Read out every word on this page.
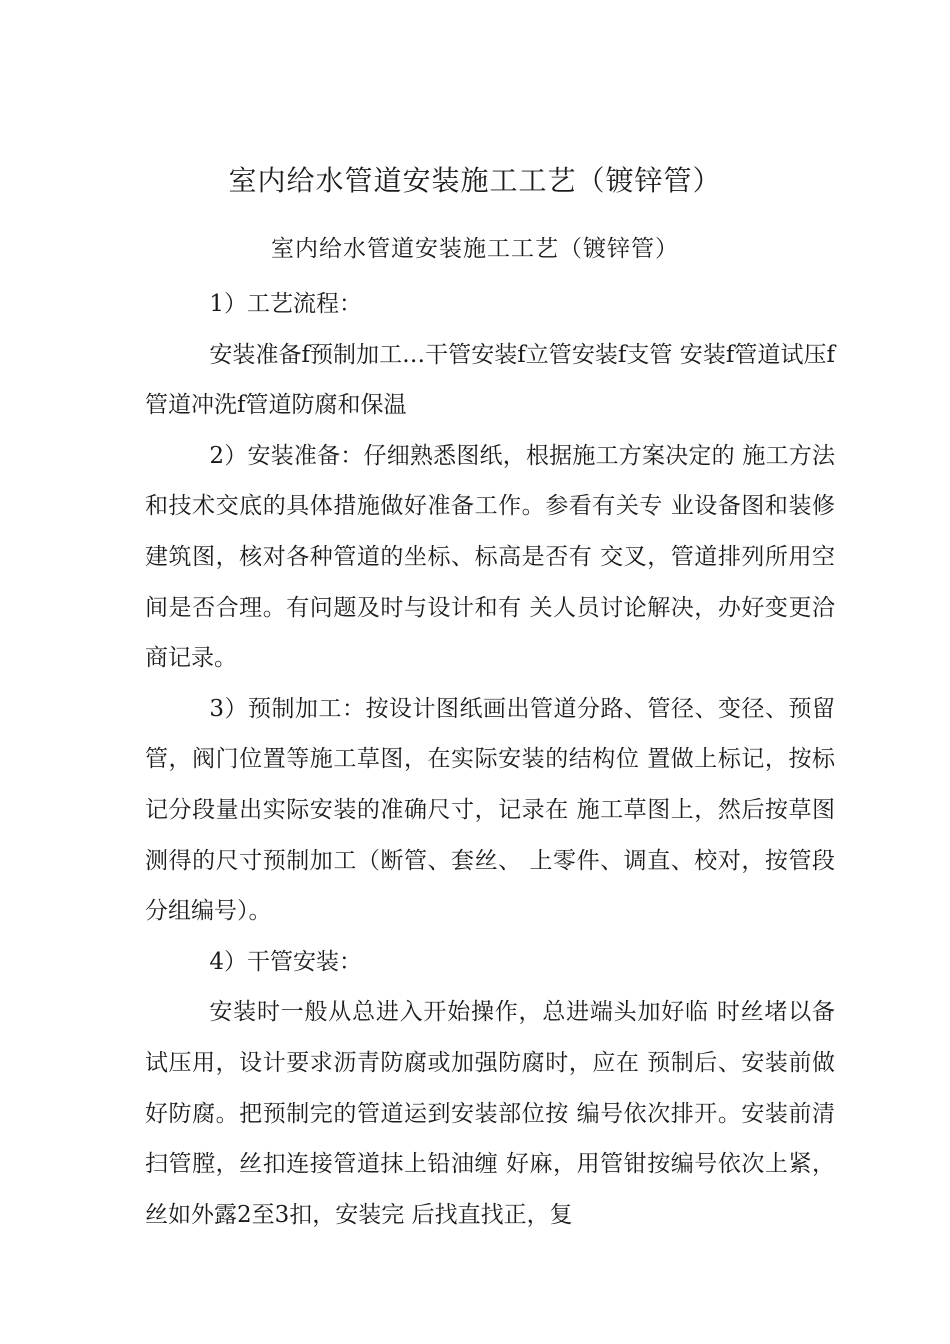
室内给水管道安装施工工艺（镀锌管）
室内给水管道安装施工工艺（镀锌管）

1）工艺流程：

安装准备f预制加工…干管安装f立管安装f支管 安装f管道试压f管道冲洗f管道防腐和保温

2）安装准备：仔细熟悉图纸，根据施工方案决定的 施工方法和技术交底的具体措施做好准备工作。参看有关专 业设备图和装修建筑图，核对各种管道的坐标、标高是否有 交叉，管道排列所用空间是否合理。有问题及时与设计和有 关人员讨论解决，办好变更洽商记录。

3）预制加工：按设计图纸画出管道分路、管径、变径、预留管，阀门位置等施工草图，在实际安装的结构位 置做上标记，按标记分段量出实际安装的准确尺寸，记录在 施工草图上，然后按草图测得的尺寸预制加工（断管、套丝、 上零件、调直、校对，按管段分组编号）。

4）干管安装：

安装时一般从总进入开始操作，总进端头加好临 时丝堵以备试压用，设计要求沥青防腐或加强防腐时，应在 预制后、安装前做好防腐。把预制完的管道运到安装部位按 编号依次排开。安装前清扫管膛，丝扣连接管道抹上铅油缠 好麻，用管钳按编号依次上紧，丝如外露2至3扣，安装完 后找直找正，复
